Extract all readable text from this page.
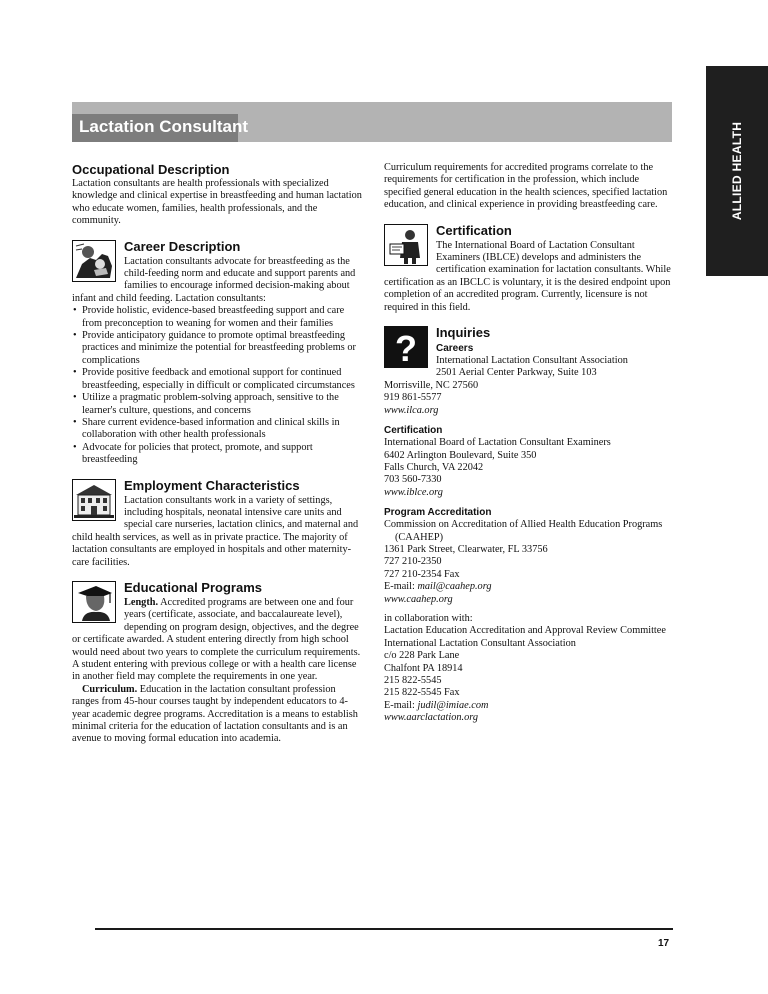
ALLIED HEALTH
Lactation Consultant
Occupational Description

Lactation consultants are health professionals with specialized knowledge and clinical expertise in breastfeeding and human lactation who educate women, families, health professionals, and the community.

Career Description

Lactation consultants advocate for breastfeeding as the child-feeding norm and educate and support parents and families to encourage informed decision-making about infant and child feeding. Lactation consultants:

• Provide holistic, evidence-based breastfeeding support and care from preconception to weaning for women and their families
• Provide anticipatory guidance to promote optimal breastfeeding practices and minimize the potential for breastfeeding problems or complications
• Provide positive feedback and emotional support for continued breastfeeding, especially in difficult or complicated circumstances
• Utilize a pragmatic problem-solving approach, sensitive to the learner's culture, questions, and concerns
• Share current evidence-based information and clinical skills in collaboration with other health professionals
• Advocate for policies that protect, promote, and support breastfeeding
Employment Characteristics

Lactation consultants work in a variety of settings, including hospitals, neonatal intensive care units and special care nurseries, lactation clinics, and maternal and child health services, as well as in private practice. The majority of lactation consultants are employed in hospitals and other maternity-care facilities.

Educational Programs

Length. Accredited programs are between one and four years (certificate, associate, and baccalaureate level), depending on program design, objectives, and the degree or certificate awarded. A student entering directly from high school would need about two years to complete the curriculum requirements. A student entering with previous college or with a health care license in another field may complete the requirements in one year.

Curriculum. Education in the lactation consultant profession ranges from 45-hour courses taught by independent educators to 4-year academic degree programs. Accreditation is a means to establish minimal criteria for the education of lactation consultants and is an avenue to moving formal education into academia.

Curriculum requirements for accredited programs correlate to the requirements for certification in the profession, which include specified general education in the health sciences, specified lactation education, and clinical experience in providing breastfeeding care.

Certification

The International Board of Lactation Consultant Examiners (IBLCE) develops and administers the certification examination for lactation consultants. While certification as an IBCLC is voluntary, it is the desired endpoint upon completion of an accredited program. Currently, licensure is not required in this field.

?	Inquiries
Careers

International Lactation Consultant Association

2501 Aerial Center Parkway, Suite 103

Morrisville, NC 27560

919 861-5577

www.ilca.org

Certification

International Board of Lactation Consultant Examiners

6402 Arlington Boulevard, Suite 350

Falls Church, VA 22042

703 560-7330

www.iblce.org

Program Accreditation

Commission on Accreditation of Allied Health Education Programs (CAAHEP)

1361 Park Street, Clearwater, FL 33756

727 210-2350

727 210-2354 Fax

E-mail: mail@caahep.org

www.caahep.org

in collaboration with:

Lactation Education Accreditation and Approval Review Committee

International Lactation Consultant Association

c/o 228 Park Lane

Chalfont PA 18914

215 822-5545

215 822-5545 Fax

E-mail: judil@imiae.com

www.aarclactation.org

17
